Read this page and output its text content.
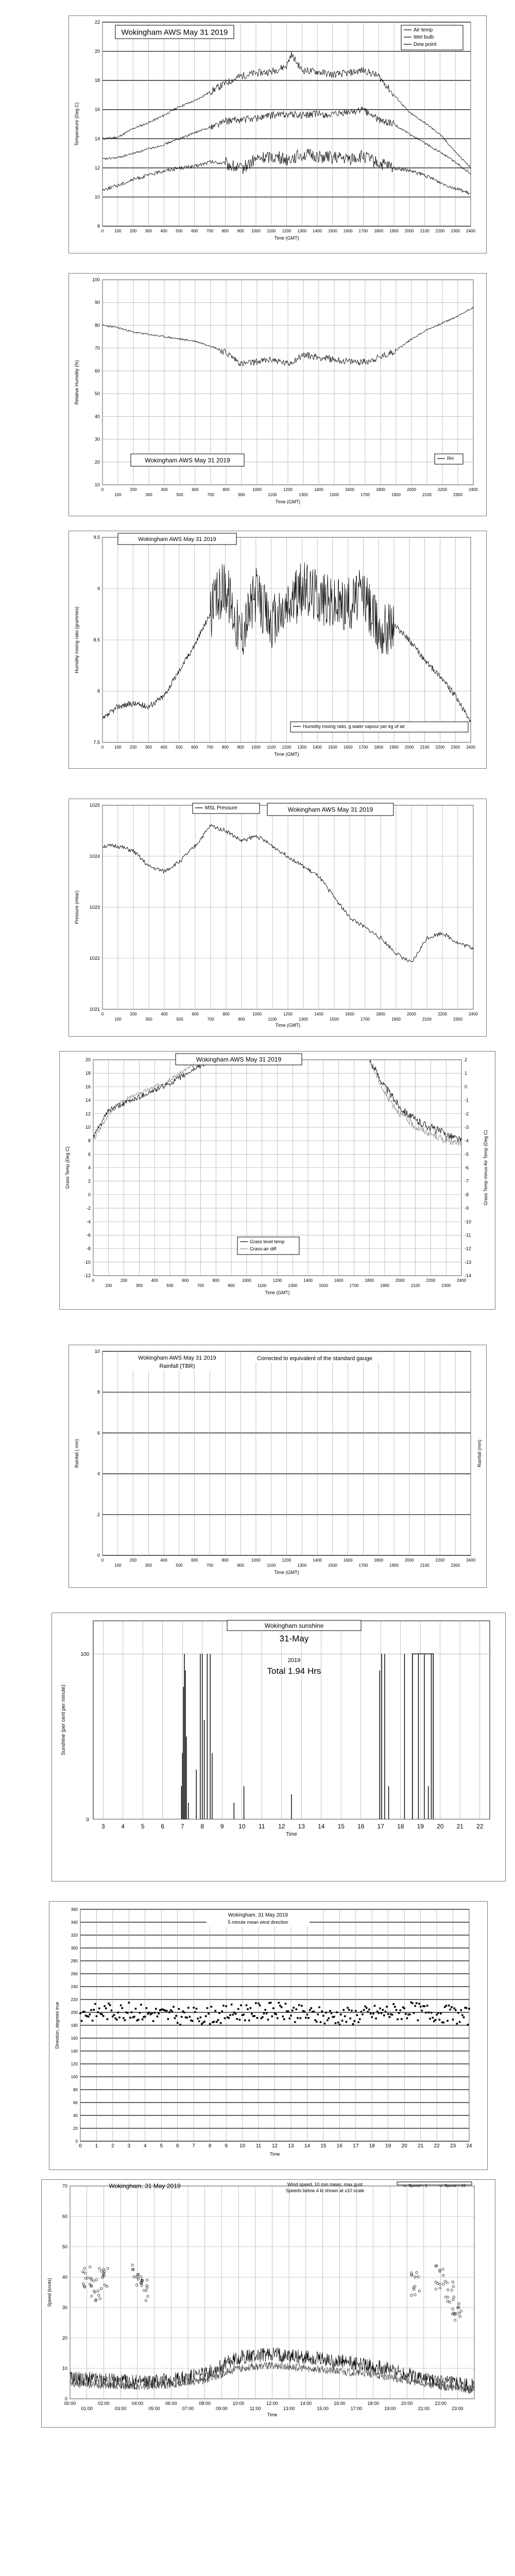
8
10
12
14
16
18
20
22
0	100 200 300 400 500 600 700 800 900 1000 1100 1200 1300 1400 1500 1600 1700 1800 1900 2000 2100 2200 2300 2400
Time (GMT)
Temperature (Deg C)
Wokingham AWS May 31 2019	Air temp
Wet bulb
Dew point
10
20
30
40
50
60
70
80
90
100
0
100
200
300
400
500
600
700
800
900
1000
1100
1200
1300
1400
1500
1600
1700
1800
1900
2000
2100
2200
2300
2400
Time (GMT)
Relative Humidity (%)
Wokingham AWS May 31 2019	RH
7.5
8
8.5
9
9.5
0	100 200 300 400 500 600 700 800 900 1000 1100 1200 1300 1400 1500 1600 1700 1800 1900 2000 2100 2200 2300 2400
Time (GMT)
Humidity mixing ratio (grammes)
Wokingham AWS May 31 2019
Humidity mixing ratio, g water vapour per kg of air
1021
1022
1023
1024
1025
0
100
200
300
400
500
600
700
800
900
1000
1100
1200
1300
1400
1500
1600
1700
1800
1900
2000
2100
2200
2300
2400
Time (GMT)
Pressure (mbar)
MSL Pressure	Wokingham AWS May 31 2019
-12
-10
-8
-6
-4
-2
0
2
4
6
8
10
12
14
16
18
20
0
100
200
300
400
500
600
700
800
900
1000
1100
1200
1300
1400
1500
1600
1700
1800
1900
2000
2100
2200
2300
2400
Time (GMT)
Grass Temp (Deg C)
-14
-13
-12
-11
-10
-9
-8
-7
-6
-5
-4
-3
-2
-1
0
1
2
Grass Temp minus Air Temp (Deg C)
Wokingham AWS May 31 2019
Grass level temp
Grass-air diff
0
2
4
6
8
10
0
100
200
300
400
500
600
700
800
900
1000
1100
1200
1300
1400
1500
1600
1700
1800
1900
2000
2100
2200
2300
2400
Time (GMT)
Rainfall ( mm)	Rainfall (mm)
Wokingham AWS May 31 2019
Rainfall (TBR)
Corrected to equivalent of the standard gauge
0
100
3	4	5	6	7	8	9 10 11 12 13 14 15 16 17 18 19 20 21 22
Time
Sunshine (per cent per minute)
Wokingham sunshine
31-May
2019
Total 1.94 Hrs
0
20
40
60
80
100
120
140
160
180
200
220
240
260
280
300
320
340
360
0	1	2	3	4	5	6	7	8	9 10 11 12 13 14 15 16 17 18 19 20 21 22 23 24
Time
Direction, degrees true
Wokingham, 31 May 2019
5 minute mean wind direction
0
10
20
30
40
50
60
70
00:00	02:00	04:00	06:00	08:00	10:00	12:00	14:00	16:00	18:00	20:00	22:00
01:00	03:00	05:00	07:00	09:00	11:00	13:00	15:00	17:00	19:00	21:00	23:00
Time
Speed (knots)
Wokingham, 31 May 2019	Wind speed, 10 min mean, max gust
Speeds below 4 kt shown at x10 scale
-o- Speed < 1	-o- Speed > 10
